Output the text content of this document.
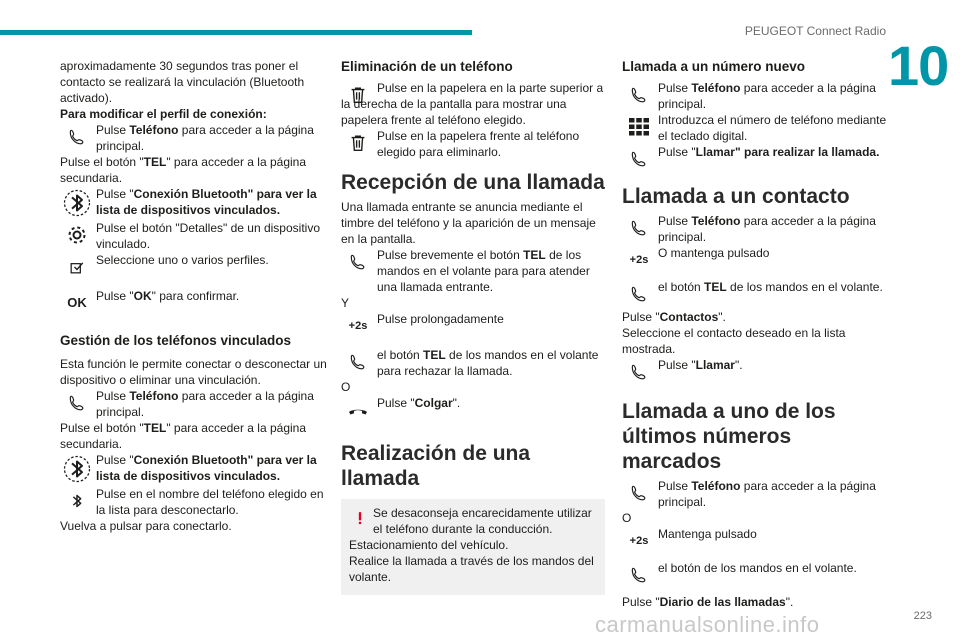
PEUGEOT Connect Radio
10
223
carmanualsonline.info

aproximadamente 30 segundos tras poner el contacto se realizará la vinculación (Bluetooth activado).

Para modificar el perfil de conexión:

Pulse Teléfono para acceder a la página principal.

Pulse el botón "TEL" para acceder a la página secundaria.

Pulse "Conexión Bluetooth" para ver la lista de dispositivos vinculados.
Pulse el botón "Detalles" de un dispositivo vinculado.
Seleccione uno o varios perfiles.
OK Pulse "OK" para confirmar.
Gestión de los teléfonos vinculados

Esta función le permite conectar o desconectar un dispositivo o eliminar una vinculación.

Pulse Teléfono para acceder a la página principal.

Pulse el botón "TEL" para acceder a la página secundaria.

Pulse "Conexión Bluetooth" para ver la lista de dispositivos vinculados.
Pulse en el nombre del teléfono elegido en la lista para desconectarlo.

Vuelva a pulsar para conectarlo.

Eliminación de un teléfono
Pulse en la papelera en la parte superior a la derecha de la pantalla para mostrar una papelera frente al teléfono elegido.
Pulse en la papelera frente al teléfono elegido para eliminarlo.
Recepción de una llamada

Una llamada entrante se anuncia mediante el timbre del teléfono y la aparición de un mensaje en la pantalla.

Pulse brevemente el botón TEL de los mandos en el volante para para atender una llamada entrante.

Y

+2s Pulse prolongadamente
el botón TEL de los mandos en el volante para rechazar la llamada.

O

Pulse "Colgar".
Realización de una llamada
Se desaconseja encarecidamente utilizar el teléfono durante la conducción.

Estacionamiento del vehículo.

Realice la llamada a través de los mandos del volante.

Llamada a un número nuevo
Pulse Teléfono para acceder a la página principal.
Introduzca el número de teléfono mediante el teclado digital.
Pulse "Llamar" para realizar la llamada.
Llamada a un contacto
Pulse Teléfono para acceder a la página principal.
+2s O mantenga pulsado
el botón TEL de los mandos en el volante.

Pulse "Contactos".

Seleccione el contacto deseado en la lista mostrada.

Pulse "Llamar".
Llamada a uno de los últimos números marcados
Pulse Teléfono para acceder a la página principal.

O

+2s Mantenga pulsado
el botón de los mandos en el volante.

Pulse "Diario de las llamadas".
